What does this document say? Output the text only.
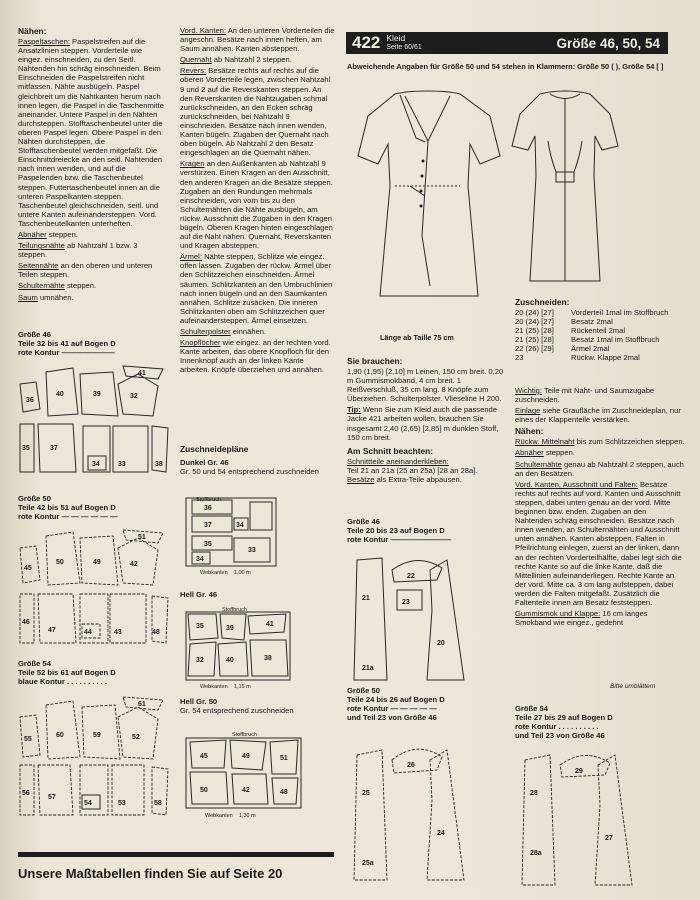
422 Kleid
Seite 60/61	Größe 46, 50, 54
Abweichende Angaben für Größe 50 und 54 stehen in Klammern: Größe 50 ( ), Größe 54 [ ]
Nähen:

Paspeltaschen: Paspelstreifen auf die Ansatzlinien steppen. Vorderteile wie eingez. einschneiden, zu den Seitl. Nahtenden hin schräg einschneiden. Beim Einschneiden die Paspelstreifen nicht mitfassen. Nähte ausbügeln. Paspel gleichbreit um die Nahtkanten herum nach innen legen, die Paspel in die Taschenmitte aneinander. Untere Paspel in den Nähten durchsteppen. Stofftaschenbeutel unter die oberen Paspel legen. Obere Paspel in den Nähten durchsteppen, die Stofftaschenbeutel werden mitgefaßt. Die Einschnittdreiecke an den seitl. Nahtenden nach innen wenden, und auf die Paspelenden bzw. die Taschenbeutel steppen. Futtertaschenbeutel innen an die unteren Paspelkanten steppen. Taschenbeutel gleichschneiden, seitl. und untere Kanten aufeinandersteppen. Vord. Taschenbeutelkanten unterheften.

Abnäher steppen.

Teilungsnähte ab Nahtzahl 1 bzw. 3 steppen.

Seitennähte an den oberen und unteren Teilen steppen.

Schulternähte steppen.

Saum umnähen.

Vord. Kanten: An den unteren Vorderteilen die angeschn. Besätze nach innen heften, am Saum annähen. Kanten absteppen.

Quernaht ab Nahtzahl 2 steppen.

Revers: Besätze rechts auf rechts auf die oberen Vorderteile legen, zwischen Nahtzahl 9 und 2 auf die Reverskanten steppen. An den Reverskanten die Nahtzugaben schmal zurückschneiden, an den Ecken schräg zurückschneiden, bei Nahtzahl 9 einschneiden. Besätze nach innen wenden, Kanten bügeln. Zugaben der Quernaht nach oben bügeln. Ab Nahtzahl 2 den Besatz eingeschlagen an die Quernaht nähen.

Kragen an den Außenkanten ab Nahtzahl 9 verstürzen. Einen Kragen an den Ausschnitt, den anderen Kragen an die Besätze steppen. Zugaben an den Rundungen mehrmals einschneiden, von vorn bis zu den Schulternähten die Nähte ausbügeln, am rückw. Ausschnitt die Zugaben in den Kragen bügeln. Oberen Kragen hinten eingeschlagen auf die Naht nähen. Quernaht, Reverskanten und Kragen absteppen.

Ärmel: Nähte steppen, Schlitze wie eingez. offen lassen. Zugaben der rückw. Ärmel über den Schlitzzeichen einschneiden. Ärmel säumen. Schlitzkanten an den Umbruchlinien nach innen bügeln und an den Saumkanten annähen. Schlitze zusäcken. Die inneren Schlitzkanten oben am Schlitzzeichen quer aufeinandersteppen. Ärmel einsetzen.

Schulterpolster einnähen.

Knopflöcher wie eingez. an der rechten vord. Kante arbeiten, das obere Knopfloch für den Innenknopf auch an der linken Kante arbeiten. Knöpfe überziehen und annähen.

Länge ab Taille 75 cm
Sie brauchen:

1,90 (1,95) [2,10] m Leinen, 150 cm breit. 0,20 m Gummismokband, 4 cm breit. 1 Reißverschluß, 35 cm lang. 8 Knöpfe zum Überziehen. Schulterpolster. Vlieseline H 200.

Tip: Wenn Sie zum Kleid auch die passende Jacke 421 arbeiten wollen, brauchen Sie insgesamt 2,40 (2,65) [2,85] m dunklen Stoff, 150 cm breit.

Am Schnitt beachten:

Schnittteile aneinanderkleben:
Teil 21 an 21a (25 an 25a) [28 an 28a].
Besätze als Extra-Teile abpausen.

Zuschneiden:
20 (24) [27]	Vorderteil 1mal im Stoffbruch
20 (24) [27]	Besatz 2mal
21 (25) [28]	Rückenteil 2mal
21 (25) [28]	Besatz 1mal im Stoffbruch
22 (26) [29]	Ärmel 2mal
23	Rückw. Klappe 2mal

Wichtig: Teile mit Naht- und Saumzugabe zuschneiden.

Einlage siehe Graufläche im Zuschneideplan, nur eines der Klappenteile verstärken.

Nähen:

Rückw. Mittelnaht bis zum Schlitzzeichen steppen.

Abnäher steppen.

Schulternähte genau ab Nahtzahl 2 steppen, auch an den Besätzen.

Vord. Kanten, Ausschnitt und Falten: Besätze rechts auf rechts auf vord. Kanten und Ausschnitt steppen, dabei unten genau an der vord. Mitte beginnen bzw. enden. Zugaben an den Nahtenden schräg einschneiden. Besätze nach innen wenden, an Schulternähten und Ausschnitt unten annähen. Kanten absteppen. Falten in Pfeilrichtung einlegen, zuerst an der linken, dann an der rechten Vorderteilhälfte, dabei legt sich die rechte Kante so auf die linke Kante, daß die Mittellinien aufeinanderliegen. Rechte Kante an der vord. Mitte ca. 3 cm lang aufsteppen, dabei werden die Falten mitgefaßt. Zusätzlich die Faltenteile innen am Besatz feststeppen.

Gummismok und Klappe: 16 cm langes Smokband wie eingez., gedehnt

Bitte umblättern
Größe 46
Teile 32 bis 41 auf Bogen D
rote Kontur ———————
Größe 50
Teile 42 bis 51 auf Bogen D
rote Kontur — — — — — —
Größe 54
Teile 52 bis 61 auf Bogen D
blaue Kontur . . . . . . . . . .
36
40	39	32
41
35	37
34	33	38
45
50	49	42
51
46
47	44	43	48
55
60	59	52
61
56
57
54	53	58
Zuschneidepläne
Dunkel Gr. 46
Gr. 50 und 54 entsprechend zuschneiden
36
37	34
35
34
33
Stoffbruch
Webkanten 1,00 m
Hell Gr. 46
35	39
41
32	40	38
Stoffbruch
Webkanten 1,15 m
Hell Gr. 50
Gr. 54 entsprechend zuschneiden
45	49	51
50	42	48
Stoffbruch
Webkanten 1,30 m
Größe 46
Teile 20 bis 23 auf Bogen D
rote Kontur ————————
21
22
23
20
21a
Größe 50
Teile 24 bis 26 auf Bogen D
rote Kontur — — — — —
und Teil 23 von Größe 46
25
26
24
25a
Größe 54
Teile 27 bis 29 auf Bogen D
rote Kontur . . . . . . . . . .
und Teil 23 von Größe 46
28
29
27
28a
Unsere Maßtabellen finden Sie auf Seite 20
